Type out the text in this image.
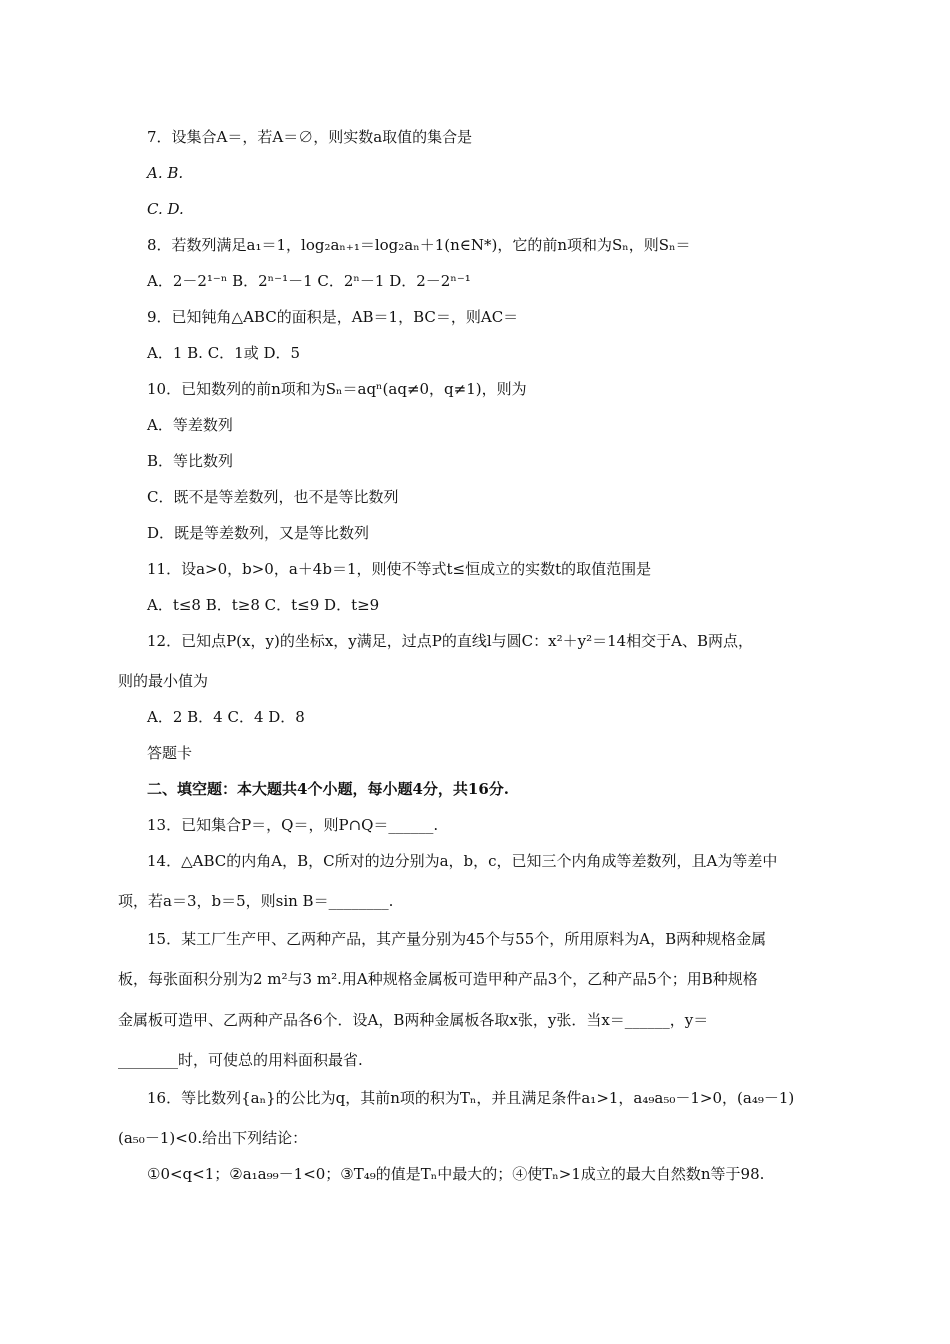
7．设集合A＝，若A＝∅，则实数a取值的集合是
A. B.
C. D.
8．若数列满足a₁＝1，log₂aₙ₊₁＝log₂aₙ＋1(n∈N*)，它的前n项和为Sₙ，则Sₙ＝
A．2－2¹⁻ⁿ B．2ⁿ⁻¹－1 C．2ⁿ－1 D．2－2ⁿ⁻¹
9．已知钝角△ABC的面积是，AB＝1，BC＝，则AC＝
A．1 B. C．1或 D．5
10．已知数列的前n项和为Sₙ＝aqⁿ(aq≠0，q≠1)，则为
A．等差数列
B．等比数列
C．既不是等差数列，也不是等比数列
D．既是等差数列，又是等比数列
11．设a>0，b>0，a＋4b＝1，则使不等式t≤恒成立的实数t的取值范围是
A．t≤8 B．t≥8 C．t≤9 D．t≥9
12．已知点P(x，y)的坐标x，y满足，过点P的直线l与圆C：x²＋y²＝14相交于A、B两点，
则的最小值为
A．2 B．4 C．4 D．8
答题卡
二、填空题：本大题共4个小题，每小题4分，共16分.
13．已知集合P＝，Q＝，则P∩Q＝______.
14．△ABC的内角A，B，C所对的边分别为a，b，c，已知三个内角成等差数列，且A为等差中
项，若a＝3，b＝5，则sin B＝________.
15．某工厂生产甲、乙两种产品，其产量分别为45个与55个，所用原料为A，B两种规格金属
板，每张面积分别为2 m²与3 m².用A种规格金属板可造甲种产品3个，乙种产品5个；用B种规格
金属板可造甲、乙两种产品各6个．设A，B两种金属板各取x张，y张．当x＝______，y＝
________时，可使总的用料面积最省.
16．等比数列{aₙ}的公比为q，其前n项的积为Tₙ，并且满足条件a₁>1，a₄₉a₅₀－1>0，(a₄₉－1)
(a₅₀－1)<0.给出下列结论：
①0<q<1；②a₁a₉₉－1<0；③T₄₉的值是Tₙ中最大的；④使Tₙ>1成立的最大自然数n等于98.
